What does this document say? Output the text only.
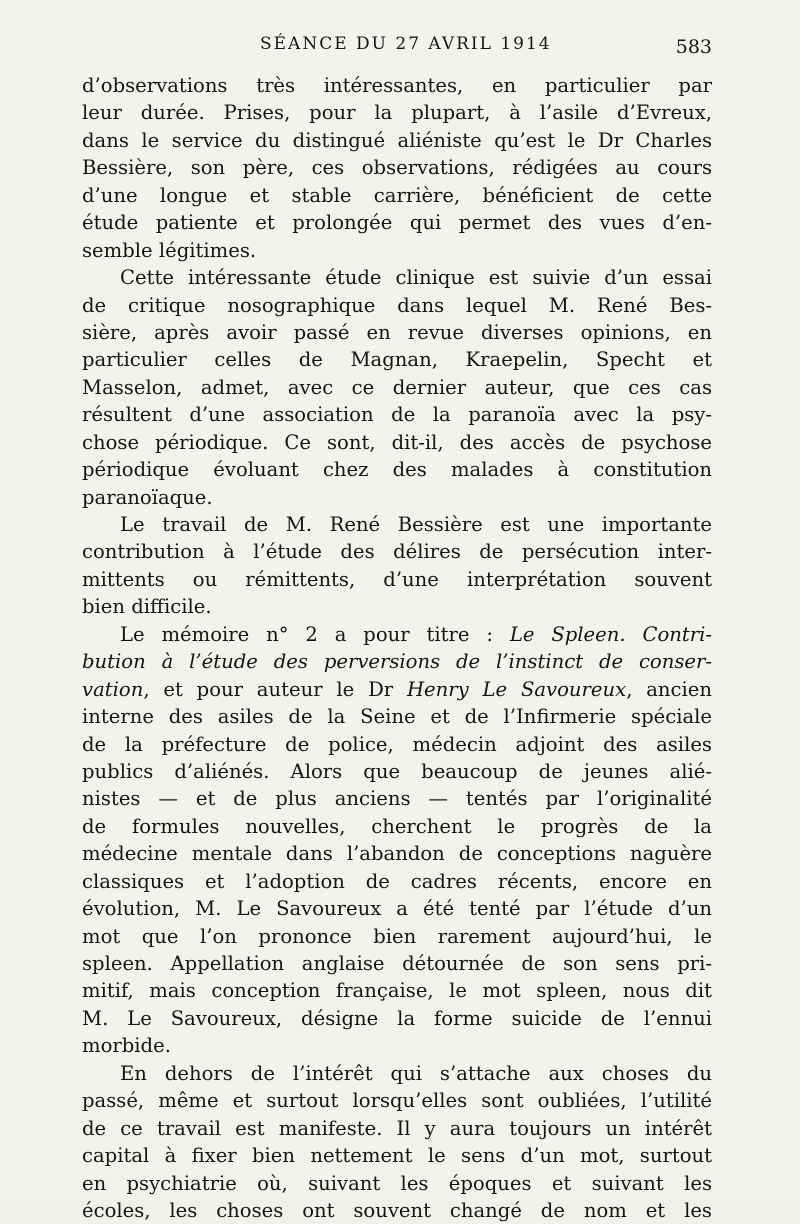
SÉANCE DU 27 AVRIL 1914	583
d’observations très intéressantes, en particulier par
leur durée. Prises, pour la plupart, à l’asile d’Evreux,
dans le service du distingué aliéniste qu’est le Dr Charles
Bessière, son père, ces observations, rédigées au cours
d’une longue et stable carrière, bénéficient de cette
étude patiente et prolongée qui permet des vues d’en-
semble légitimes.
Cette intéressante étude clinique est suivie d’un essai
de critique nosographique dans lequel M. René Bes-
sière, après avoir passé en revue diverses opinions, en
particulier celles de Magnan, Kraepelin, Specht et
Masselon, admet, avec ce dernier auteur, que ces cas
résultent d’une association de la paranoïa avec la psy-
chose périodique. Ce sont, dit-il, des accès de psychose
périodique évoluant chez des malades à constitution
paranoïaque.
Le travail de M. René Bessière est une importante
contribution à l’étude des délires de persécution inter-
mittents ou rémittents, d’une interprétation souvent
bien difficile.
Le mémoire n° 2 a pour titre : Le Spleen. Contri-
bution à l’étude des perversions de l’instinct de conser-
vation, et pour auteur le Dr Henry Le Savoureux, ancien
interne des asiles de la Seine et de l’Infirmerie spéciale
de la préfecture de police, médecin adjoint des asiles
publics d’aliénés. Alors que beaucoup de jeunes alié-
nistes — et de plus anciens — tentés par l’originalité
de formules nouvelles, cherchent le progrès de la
médecine mentale dans l’abandon de conceptions naguère
classiques et l’adoption de cadres récents, encore en
évolution, M. Le Savoureux a été tenté par l’étude d’un
mot que l’on prononce bien rarement aujourd’hui, le
spleen. Appellation anglaise détournée de son sens pri-
mitif, mais conception française, le mot spleen, nous dit
M. Le Savoureux, désigne la forme suicide de l’ennui
morbide.
En dehors de l’intérêt qui s’attache aux choses du
passé, même et surtout lorsqu’elles sont oubliées, l’utilité
de ce travail est manifeste. Il y aura toujours un intérêt
capital à fixer bien nettement le sens d’un mot, surtout
en psychiatrie où, suivant les époques et suivant les
écoles, les choses ont souvent changé de nom et les
